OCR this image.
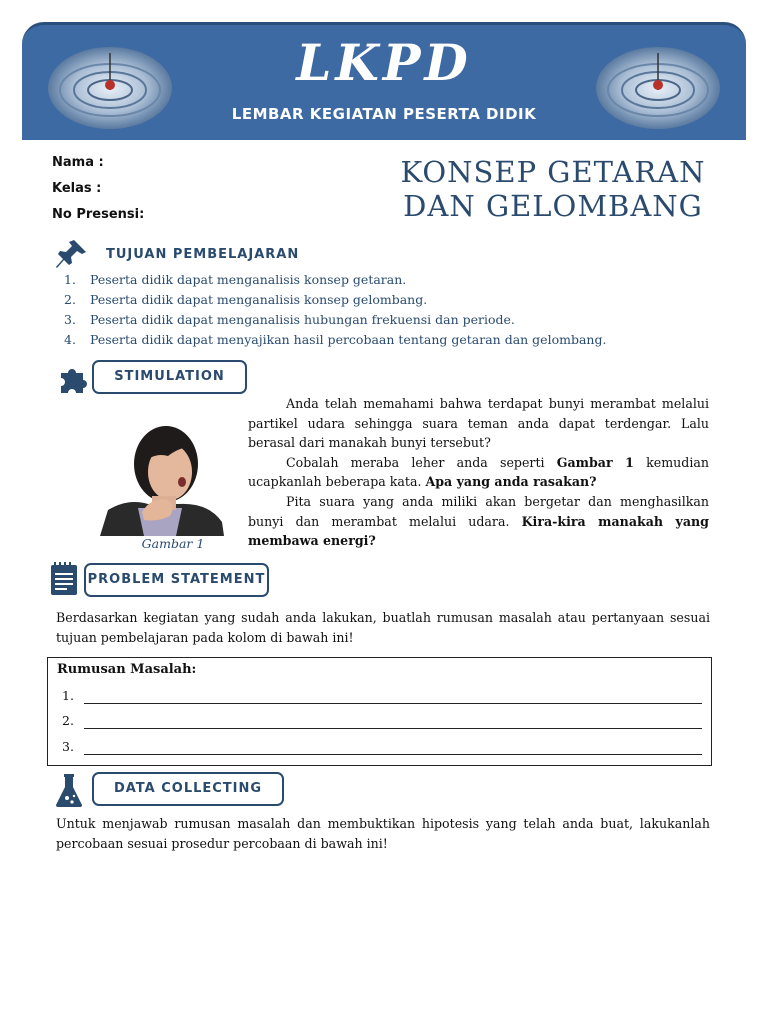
LKPD
LEMBAR KEGIATAN PESERTA DIDIK
Nama :
Kelas :
No Presensi:
KONSEP GETARAN
DAN GELOMBANG
TUJUAN PEMBELAJARAN
1. Peserta didik dapat menganalisis konsep getaran.
2. Peserta didik dapat menganalisis konsep gelombang.
3. Peserta didik dapat menganalisis hubungan frekuensi dan periode.
4. Peserta didik dapat menyajikan hasil percobaan tentang getaran dan gelombang.
STIMULATION
Gambar 1

Anda telah memahami bahwa terdapat bunyi merambat melalui partikel udara sehingga suara teman anda dapat terdengar. Lalu berasal dari manakah bunyi tersebut?

Cobalah meraba leher anda seperti Gambar 1 kemudian ucapkanlah beberapa kata. Apa yang anda rasakan?

Pita suara yang anda miliki akan bergetar dan menghasilkan bunyi dan merambat melalui udara. Kira-kira manakah yang membawa energi?

PROBLEM STATEMENT
Berdasarkan kegiatan yang sudah anda lakukan, buatlah rumusan masalah atau pertanyaan sesuai tujuan pembelajaran pada kolom di bawah ini!
Rumusan Masalah:
1.
2.
3.
DATA COLLECTING
Untuk menjawab rumusan masalah dan membuktikan hipotesis yang telah anda buat, lakukanlah percobaan sesuai prosedur percobaan di bawah ini!
